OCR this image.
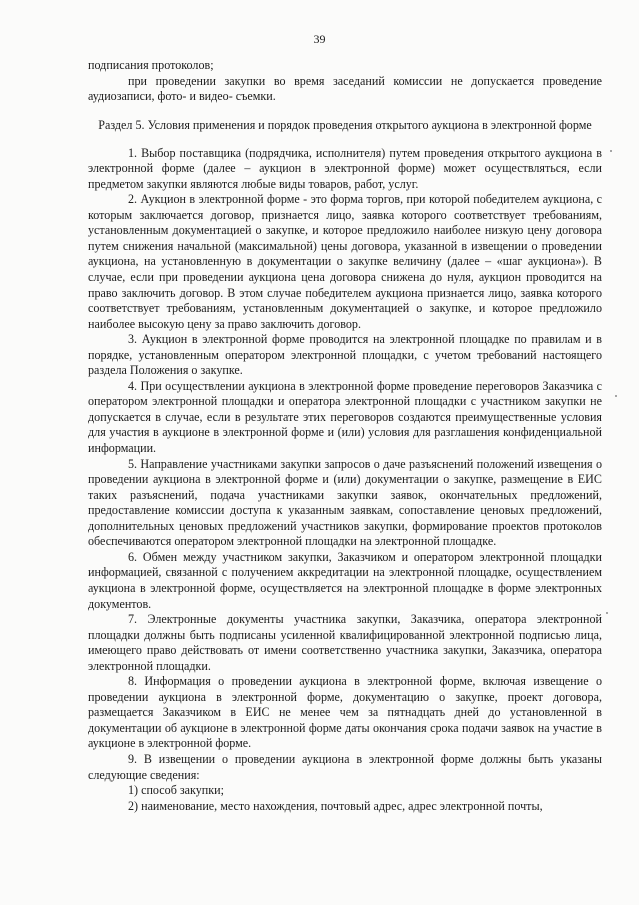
39

подписания протоколов;

при проведении закупки во время заседаний комиссии не допускается проведение аудиозаписи, фото- и видео- съемки.

Раздел 5. Условия применения и порядок проведения открытого аукциона в электронной форме

1. Выбор поставщика (подрядчика, исполнителя) путем проведения открытого аукциона в электронной форме (далее – аукцион в электронной форме) может осуществляться, если предметом закупки являются любые виды товаров, работ, услуг.

2. Аукцион в электронной форме - это форма торгов, при которой победителем аукциона, с которым заключается договор, признается лицо, заявка которого соответствует требованиям, установленным документацией о закупке, и которое предложило наиболее низкую цену договора путем снижения начальной (максимальной) цены договора, указанной в извещении о проведении аукциона, на установленную в документации о закупке величину (далее – «шаг аукциона»). В случае, если при проведении аукциона цена договора снижена до нуля, аукцион проводится на право заключить договор. В этом случае победителем аукциона признается лицо, заявка которого соответствует требованиям, установленным документацией о закупке, и которое предложило наиболее высокую цену за право заключить договор.

3. Аукцион в электронной форме проводится на электронной площадке по правилам и в порядке, установленным оператором электронной площадки, с учетом требований настоящего раздела Положения о закупке.

4. При осуществлении аукциона в электронной форме проведение переговоров Заказчика с оператором электронной площадки и оператора электронной площадки с участником закупки не допускается в случае, если в результате этих переговоров создаются преимущественные условия для участия в аукционе в электронной форме и (или) условия для разглашения конфиденциальной информации.

5. Направление участниками закупки запросов о даче разъяснений положений извещения о проведении аукциона в электронной форме и (или) документации о закупке, размещение в ЕИС таких разъяснений, подача участниками закупки заявок, окончательных предложений, предоставление комиссии доступа к указанным заявкам, сопоставление ценовых предложений, дополнительных ценовых предложений участников закупки, формирование проектов протоколов обеспечиваются оператором электронной площадки на электронной площадке.

6. Обмен между участником закупки, Заказчиком и оператором электронной площадки информацией, связанной с получением аккредитации на электронной площадке, осуществлением аукциона в электронной форме, осуществляется на электронной площадке в форме электронных документов.

7. Электронные документы участника закупки, Заказчика, оператора электронной площадки должны быть подписаны усиленной квалифицированной электронной подписью лица, имеющего право действовать от имени соответственно участника закупки, Заказчика, оператора электронной площадки.

8. Информация о проведении аукциона в электронной форме, включая извещение о проведении аукциона в электронной форме, документацию о закупке, проект договора, размещается Заказчиком в ЕИС не менее чем за пятнадцать дней до установленной в документации об аукционе в электронной форме даты окончания срока подачи заявок на участие в аукционе в электронной форме.

9. В извещении о проведении аукциона в электронной форме должны быть указаны следующие сведения:

1) способ закупки;

2) наименование, место нахождения, почтовый адрес, адрес электронной почты,
